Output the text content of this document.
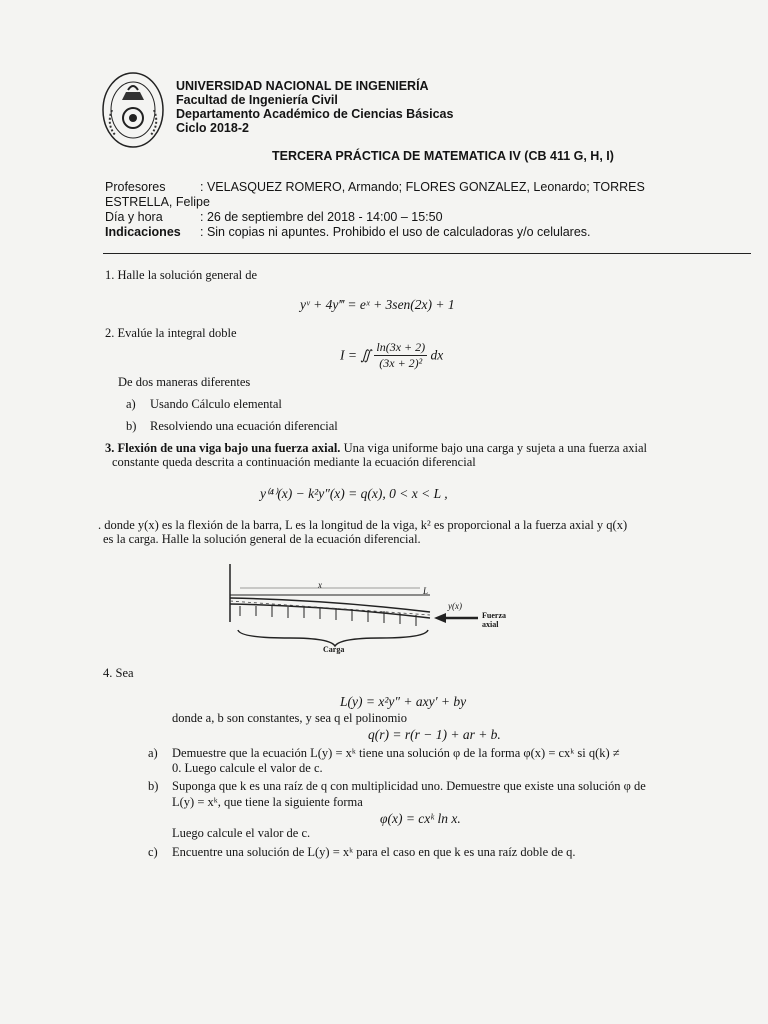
UNIVERSIDAD NACIONAL DE INGENIERÍA
Facultad de Ingeniería Civil
Departamento Académico de Ciencias Básicas
Ciclo 2018-2
TERCERA PRÁCTICA DE MATEMATICA IV (CB 411 G, H, I)
Profesores	: VELASQUEZ ROMERO, Armando; FLORES GONZALEZ, Leonardo; TORRES
ESTRELLA, Felipe
Día y hora	: 26 de septiembre del 2018 - 14:00 – 15:50
Indicaciones : Sin copias ni apuntes. Prohibido el uso de calculadoras y/o celulares.
1. Halle la solución general de
yᵛ + 4y‴ = eˣ + 3sen(2x) + 1
2. Evalúe la integral doble
I = ∬ $\frac{\ln(3x + 2)}{\text{(3x + 2)²}}$ dx
De dos maneras diferentes
a) Usando Cálculo elemental
b) Resolviendo una ecuación diferencial
3. Flexión de una viga bajo una fuerza axial. Una viga uniforme bajo una carga y sujeta a una fuerza axial
constante queda descrita a continuación mediante la ecuación diferencial
y⁽⁴⁾(x) − k²y″(x) = q(x), 0 < x < L ,
. donde y(x) es la flexión de la barra, L es la longitud de la viga, k² es proporcional a la fuerza axial y q(x)
es la carga. Halle la solución general de la ecuación diferencial.
x
L
y(x)
Fuerza
axial
Carga
4. Sea
L(y) = x²y″ + axy′ + by
donde a, b son constantes, y sea q el polinomio
q(r) = r(r − 1) + ar + b.
a) Demuestre que la ecuación L(y) = xᵏ tiene una solución φ de la forma φ(x) = cxᵏ si q(k) ≠
0. Luego calcule el valor de c.
b) Suponga que k es una raíz de q con multiplicidad uno. Demuestre que existe una solución φ de
L(y) = xᵏ, que tiene la siguiente forma
φ(x) = cxᵏ ln x.
Luego calcule el valor de c.
c) Encuentre una solución de L(y) = xᵏ para el caso en que k es una raíz doble de q.
